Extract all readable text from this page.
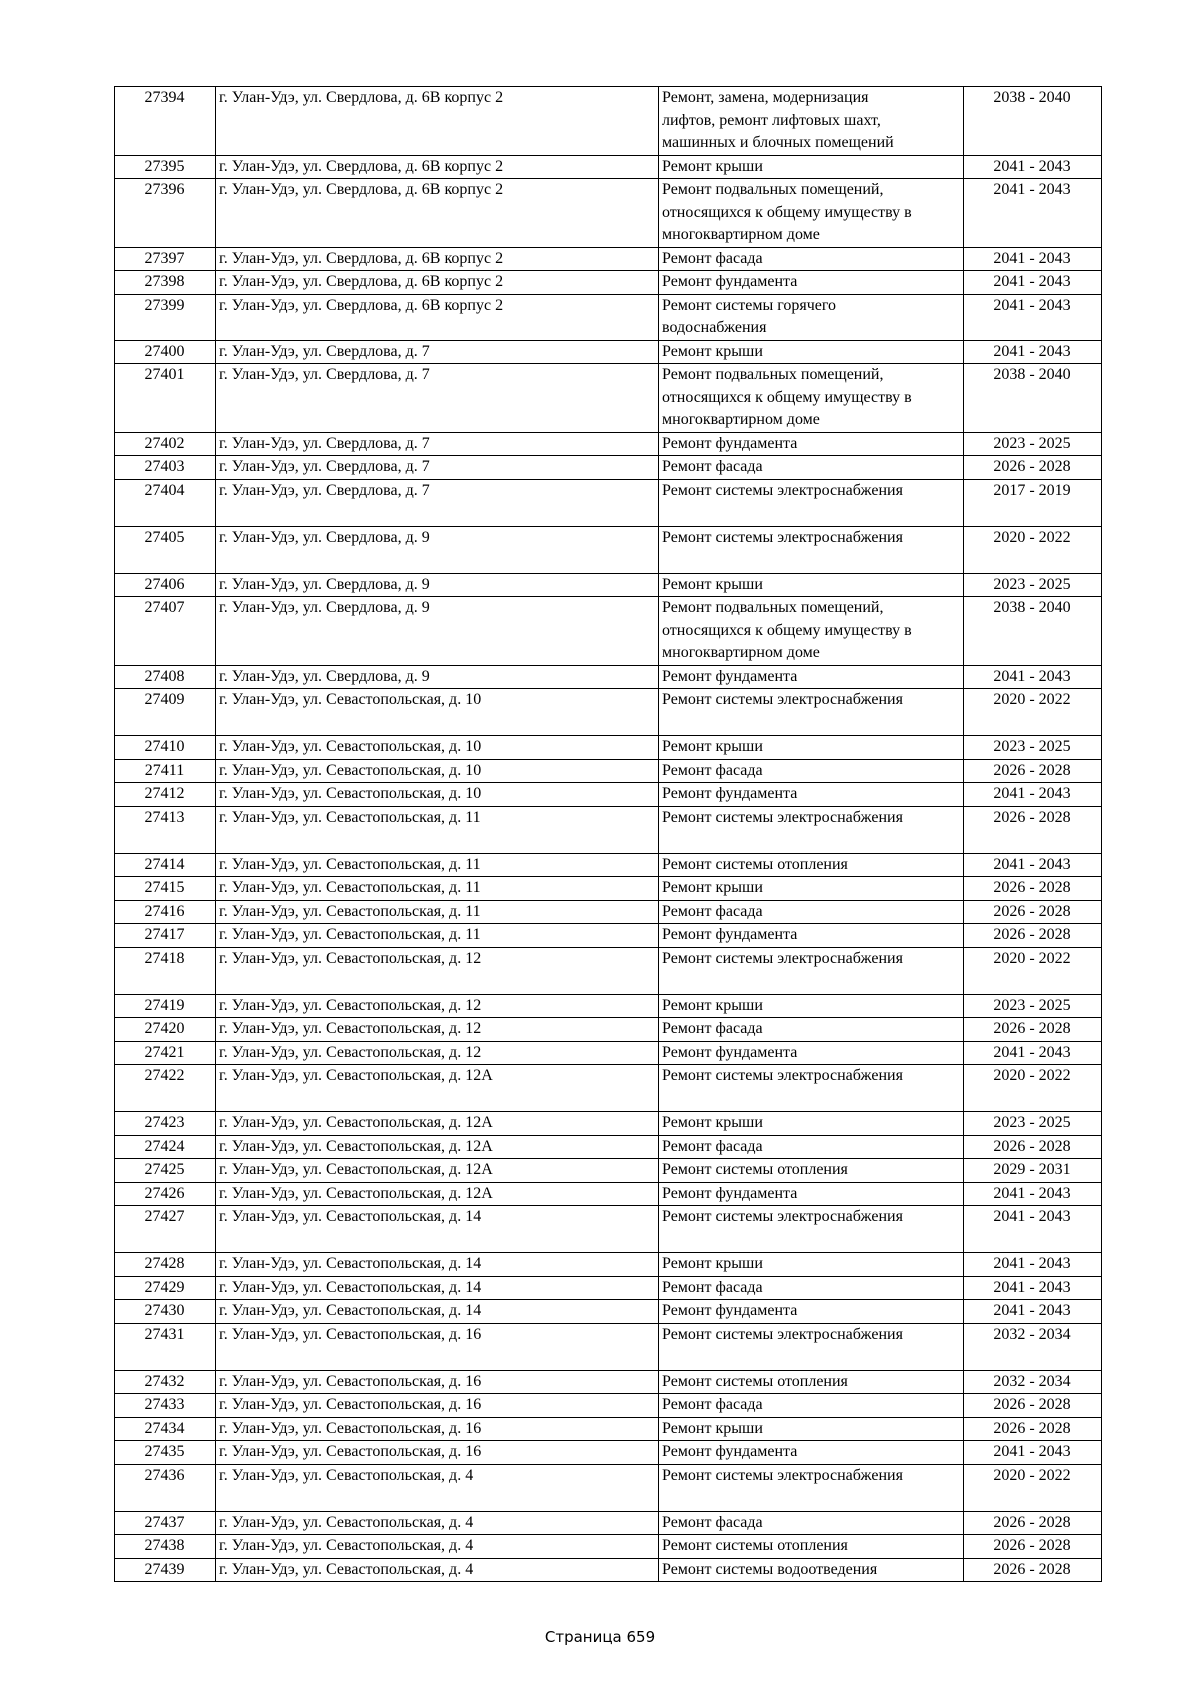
27394	г. Улан-Удэ, ул. Свердлова, д. 6В корпус 2	Ремонт, замена, модернизация
лифтов, ремонт лифтовых шахт,
машинных и блочных помещений	2038 - 2040
27395	г. Улан-Удэ, ул. Свердлова, д. 6В корпус 2	Ремонт крыши	2041 - 2043
27396	г. Улан-Удэ, ул. Свердлова, д. 6В корпус 2	Ремонт подвальных помещений,
относящихся к общему имуществу в
многоквартирном доме	2041 - 2043
27397	г. Улан-Удэ, ул. Свердлова, д. 6В корпус 2	Ремонт фасада	2041 - 2043
27398	г. Улан-Удэ, ул. Свердлова, д. 6В корпус 2	Ремонт фундамента	2041 - 2043
27399	г. Улан-Удэ, ул. Свердлова, д. 6В корпус 2	Ремонт системы горячего
водоснабжения	2041 - 2043
27400	г. Улан-Удэ, ул. Свердлова, д. 7	Ремонт крыши	2041 - 2043
27401	г. Улан-Удэ, ул. Свердлова, д. 7	Ремонт подвальных помещений,
относящихся к общему имуществу в
многоквартирном доме	2038 - 2040
27402	г. Улан-Удэ, ул. Свердлова, д. 7	Ремонт фундамента	2023 - 2025
27403	г. Улан-Удэ, ул. Свердлова, д. 7	Ремонт фасада	2026 - 2028
27404	г. Улан-Удэ, ул. Свердлова, д. 7	Ремонт системы электроснабжения	2017 - 2019
27405	г. Улан-Удэ, ул. Свердлова, д. 9	Ремонт системы электроснабжения	2020 - 2022
27406	г. Улан-Удэ, ул. Свердлова, д. 9	Ремонт крыши	2023 - 2025
27407	г. Улан-Удэ, ул. Свердлова, д. 9	Ремонт подвальных помещений,
относящихся к общему имуществу в
многоквартирном доме	2038 - 2040
27408	г. Улан-Удэ, ул. Свердлова, д. 9	Ремонт фундамента	2041 - 2043
27409	г. Улан-Удэ, ул. Севастопольская, д. 10	Ремонт системы электроснабжения	2020 - 2022
27410	г. Улан-Удэ, ул. Севастопольская, д. 10	Ремонт крыши	2023 - 2025
27411	г. Улан-Удэ, ул. Севастопольская, д. 10	Ремонт фасада	2026 - 2028
27412	г. Улан-Удэ, ул. Севастопольская, д. 10	Ремонт фундамента	2041 - 2043
27413	г. Улан-Удэ, ул. Севастопольская, д. 11	Ремонт системы электроснабжения	2026 - 2028
27414	г. Улан-Удэ, ул. Севастопольская, д. 11	Ремонт системы отопления	2041 - 2043
27415	г. Улан-Удэ, ул. Севастопольская, д. 11	Ремонт крыши	2026 - 2028
27416	г. Улан-Удэ, ул. Севастопольская, д. 11	Ремонт фасада	2026 - 2028
27417	г. Улан-Удэ, ул. Севастопольская, д. 11	Ремонт фундамента	2026 - 2028
27418	г. Улан-Удэ, ул. Севастопольская, д. 12	Ремонт системы электроснабжения	2020 - 2022
27419	г. Улан-Удэ, ул. Севастопольская, д. 12	Ремонт крыши	2023 - 2025
27420	г. Улан-Удэ, ул. Севастопольская, д. 12	Ремонт фасада	2026 - 2028
27421	г. Улан-Удэ, ул. Севастопольская, д. 12	Ремонт фундамента	2041 - 2043
27422	г. Улан-Удэ, ул. Севастопольская, д. 12А	Ремонт системы электроснабжения	2020 - 2022
27423	г. Улан-Удэ, ул. Севастопольская, д. 12А	Ремонт крыши	2023 - 2025
27424	г. Улан-Удэ, ул. Севастопольская, д. 12А	Ремонт фасада	2026 - 2028
27425	г. Улан-Удэ, ул. Севастопольская, д. 12А	Ремонт системы отопления	2029 - 2031
27426	г. Улан-Удэ, ул. Севастопольская, д. 12А	Ремонт фундамента	2041 - 2043
27427	г. Улан-Удэ, ул. Севастопольская, д. 14	Ремонт системы электроснабжения	2041 - 2043
27428	г. Улан-Удэ, ул. Севастопольская, д. 14	Ремонт крыши	2041 - 2043
27429	г. Улан-Удэ, ул. Севастопольская, д. 14	Ремонт фасада	2041 - 2043
27430	г. Улан-Удэ, ул. Севастопольская, д. 14	Ремонт фундамента	2041 - 2043
27431	г. Улан-Удэ, ул. Севастопольская, д. 16	Ремонт системы электроснабжения	2032 - 2034
27432	г. Улан-Удэ, ул. Севастопольская, д. 16	Ремонт системы отопления	2032 - 2034
27433	г. Улан-Удэ, ул. Севастопольская, д. 16	Ремонт фасада	2026 - 2028
27434	г. Улан-Удэ, ул. Севастопольская, д. 16	Ремонт крыши	2026 - 2028
27435	г. Улан-Удэ, ул. Севастопольская, д. 16	Ремонт фундамента	2041 - 2043
27436	г. Улан-Удэ, ул. Севастопольская, д. 4	Ремонт системы электроснабжения	2020 - 2022
27437	г. Улан-Удэ, ул. Севастопольская, д. 4	Ремонт фасада	2026 - 2028
27438	г. Улан-Удэ, ул. Севастопольская, д. 4	Ремонт системы отопления	2026 - 2028
27439	г. Улан-Удэ, ул. Севастопольская, д. 4	Ремонт системы водоотведения	2026 - 2028
Страница 659
